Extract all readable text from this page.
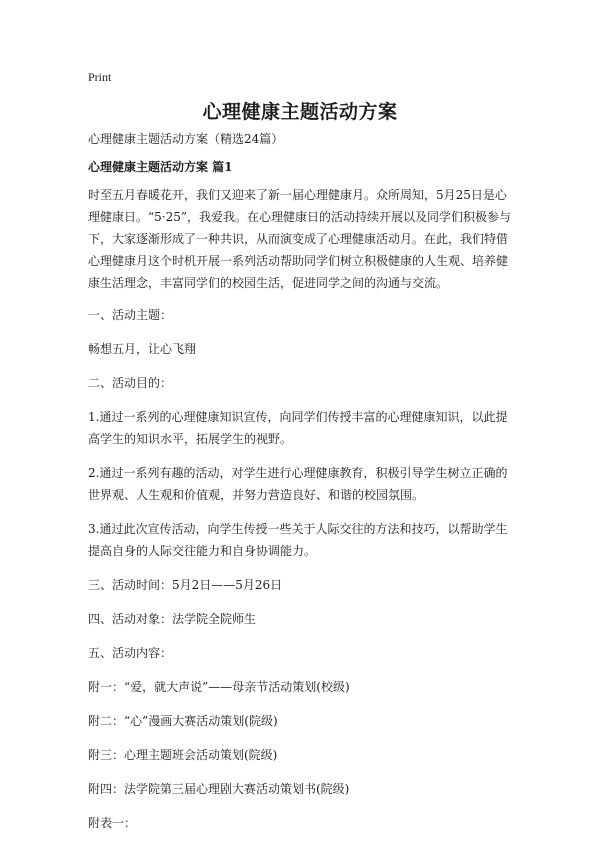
Print
心理健康主题活动方案

心理健康主题活动方案（精选24篇）

心理健康主题活动方案 篇1

时至五月春暖花开，我们又迎来了新一届心理健康月。众所周知，5月25日是心理健康日。“5·25”，我爱我。在心理健康日的活动持续开展以及同学们积极参与下，大家逐渐形成了一种共识，从而演变成了心理健康活动月。在此，我们特借心理健康月这个时机开展一系列活动帮助同学们树立积极健康的人生观、培养健康生活理念，丰富同学们的校园生活，促进同学之间的沟通与交流。

一、活动主题：

畅想五月，让心飞翔

二、活动目的：

1.通过一系列的心理健康知识宣传，向同学们传授丰富的心理健康知识，以此提高学生的知识水平，拓展学生的视野。

2.通过一系列有趣的活动，对学生进行心理健康教育，积极引导学生树立正确的世界观、人生观和价值观，并努力营造良好、和谐的校园氛围。

3.通过此次宣传活动，向学生传授一些关于人际交往的方法和技巧，以帮助学生提高自身的人际交往能力和自身协调能力。

三、活动时间：5月2日——5月26日

四、活动对象：法学院全院师生

五、活动内容：

附一：“爱，就大声说”——母亲节活动策划(校级)

附二：“心”漫画大赛活动策划(院级)

附三：心理主题班会活动策划(院级)

附四：法学院第三届心理剧大赛活动策划书(院级)

附表一：
